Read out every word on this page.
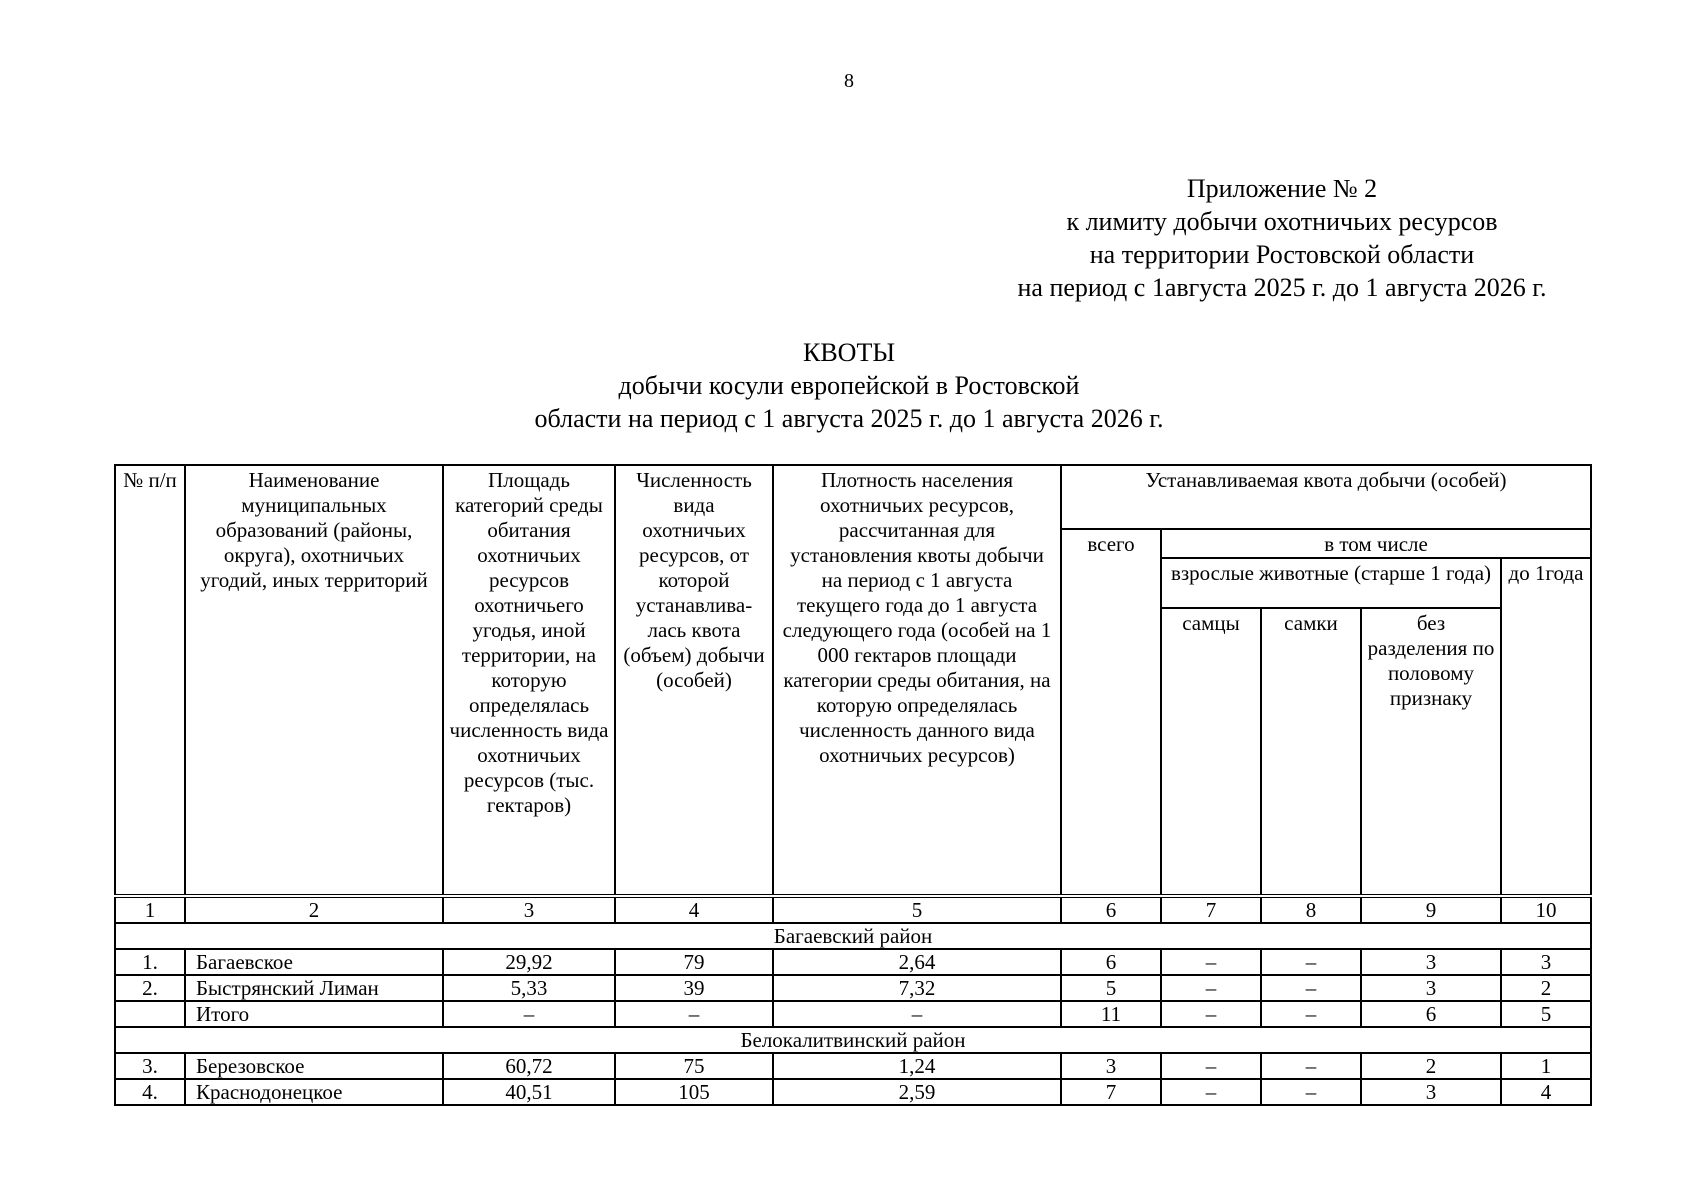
8
Приложение № 2
к лимиту добычи охотничьих ресурсов
на территории Ростовской области
на период с 1августа 2025 г. до 1 августа 2026 г.
КВОТЫ
добычи косули европейской в Ростовской
области на период с 1 августа 2025 г. до 1 августа 2026 г.
№ п/п	Наименование муниципальных образований (районы, округа), охотничьих угодий, иных территорий	Площадь категорий среды обитания охотничьих ресурсов охотничьего угодья, иной территории, на которую определялась численность вида охотничьих ресурсов (тыс. гектаров)	Численность вида охотничьих ресурсов, от которой устанавлива-лась квота (объем) добычи (особей)	Плотность населения охотничьих ресурсов, рассчитанная для установления квоты добычи на период с 1 августа текущего года до 1 августа следующего года (особей на 1 000 гектаров площади категории среды обитания, на которую определялась численность данного вида охотничьих ресурсов)	Устанавливаемая квота добычи (особей)				
					всего	в том числе			
						взрослые животные (старше 1 года)			до 1года
						самцы	самки	без разделения по половому признаку	
1	2	3	4	5	6	7	8	9	10
Багаевский район									
1.	Багаевское	29,92	79	2,64	6	–	–	3	3
2.	Быстрянский Лиман	5,33	39	7,32	5	–	–	3	2
	Итого	–	–	–	11	–	–	6	5
Белокалитвинский район									
3.	Березовское	60,72	75	1,24	3	–	–	2	1
4.	Краснодонецкое	40,51	105	2,59	7	–	–	3	4
